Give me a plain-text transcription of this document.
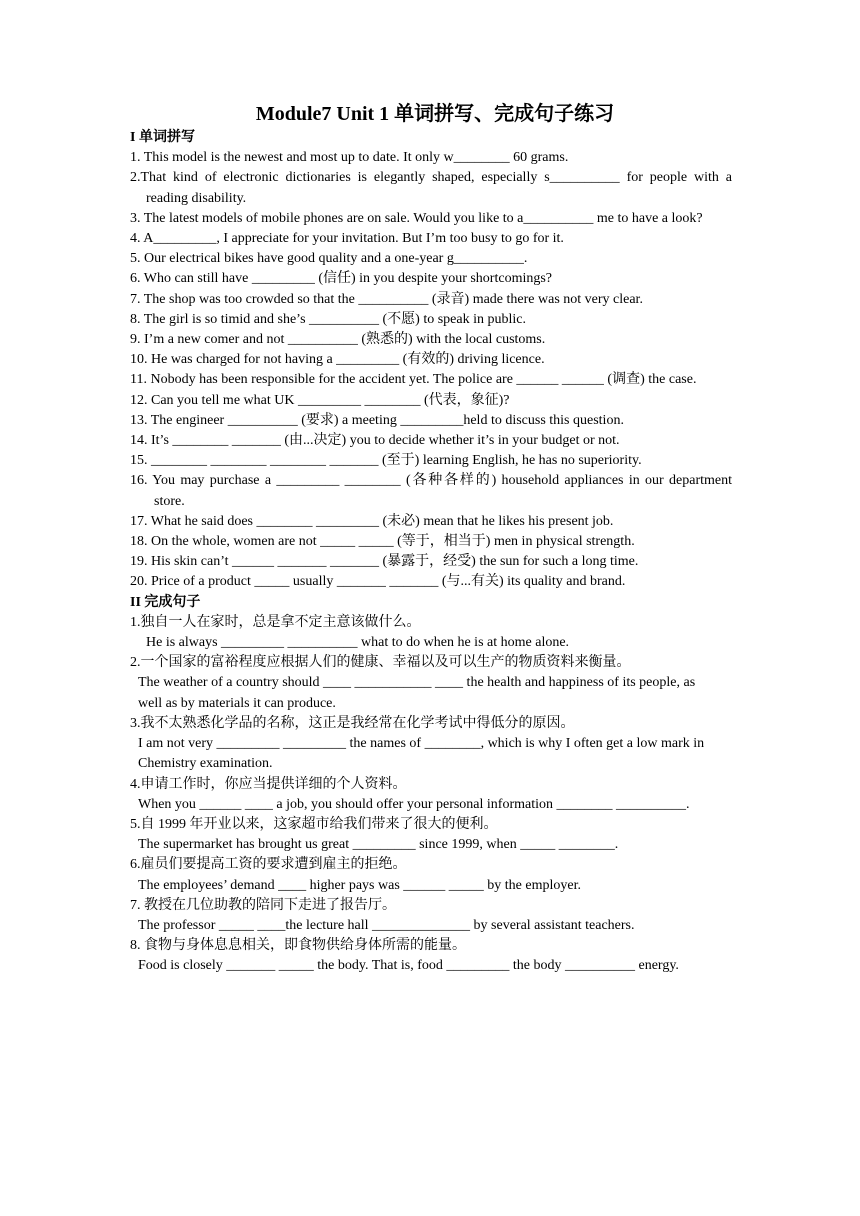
Module7 Unit 1 单词拼写、完成句子练习
I 单词拼写
1. This model is the newest and most up to date. It only w________ 60 grams.
2.That kind of electronic dictionaries is elegantly shaped, especially s__________ for people with a reading disability.
3. The latest models of mobile phones are on sale. Would you like to a__________ me to have a look?
4. A_________, I appreciate for your invitation. But I’m too busy to go for it.
5. Our electrical bikes have good quality and a one-year g__________.
6. Who can still have _________ (信任) in you despite your shortcomings?
7. The shop was too crowded so that the __________ (录音) made there was not very clear.
8. The girl is so timid and she’s __________ (不愿) to speak in public.
9. I’m a new comer and not __________ (熟悉的) with the local customs.
10. He was charged for not having a _________ (有效的) driving licence.
11. Nobody has been responsible for the accident yet. The police are ______ ______ (调查) the case.
12. Can you tell me what UK _________ ________ (代表，象征)?
13. The engineer __________ (要求) a meeting _________held to discuss this question.
14. It’s ________ _______ (由...决定) you to decide whether it’s in your budget or not.
15. ________ ________ ________ _______ (至于) learning English, he has no superiority.
16. You may purchase a _________ ________ (各种各样的) household appliances in our department store.
17. What he said does ________ _________ (未必) mean that he likes his present job.
18. On the whole, women are not _____ _____ (等于，相当于) men in physical strength.
19. His skin can’t ______ _______ _______ (暴露于，经受) the sun for such a long time.
20. Price of a product _____ usually _______ _______ (与...有关) its quality and brand.
II 完成句子
1.独自一人在家时，总是拿不定主意该做什么。
He is always _________ __________ what to do when he is at home alone.
2.一个国家的富裕程度应根据人们的健康、幸福以及可以生产的物质资料来衡量。
The weather of a country should ____ ___________ ____ the health and happiness of its people, as well as by materials it can produce.
3.我不太熟悉化学品的名称，这正是我经常在化学考试中得低分的原因。
I am not very _________ _________ the names of ________, which is why I often get a low mark in Chemistry examination.
4.申请工作时，你应当提供详细的个人资料。
When you ______ ____ a job, you should offer your personal information ________ __________.
5.自 1999 年开业以来，这家超市给我们带来了很大的便利。
The supermarket has brought us great _________ since 1999, when _____ ________.
6.雇员们要提高工资的要求遭到雇主的拒绝。
The employees’ demand ____ higher pays was ______ _____ by the employer.
7. 教授在几位助教的陪同下走进了报告厅。
The professor _____ ____the lecture hall ______________ by several assistant teachers.
8. 食物与身体息息相关，即食物供给身体所需的能量。
Food is closely _______ _____ the body. That is, food _________ the body __________ energy.
